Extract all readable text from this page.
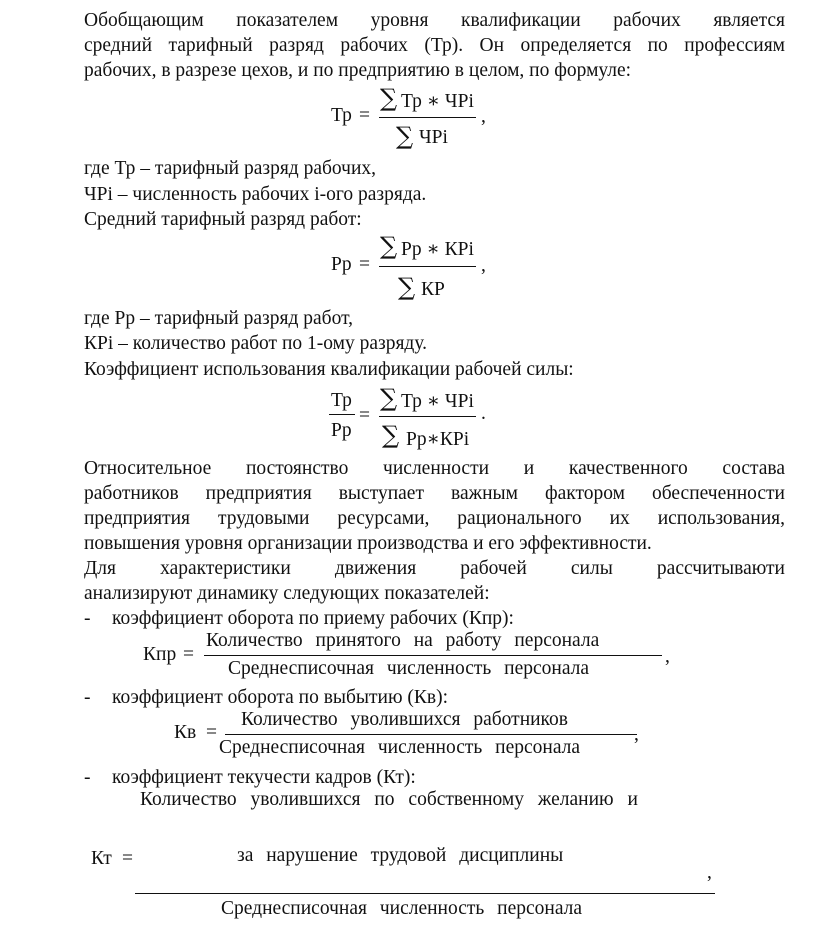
Обобщающим показателем уровня квалификации рабочих является
средний тарифный разряд рабочих (Тр). Он определяется по профессиям
рабочих, в разрезе цехов, и по предприятию в целом, по формуле:
Тр =
∑ Тр ∗ ЧРi
∑ ЧРi
,
где Тр – тарифный разряд рабочих,
ЧРi – численность рабочих i-ого разряда.
Средний тарифный разряд работ:
Рр =
∑ Рр ∗ КРi
∑ КР
,
где Рр – тарифный разряд работ,
КРi – количество работ по 1-ому разряду.
Коэффициент использования квалификации рабочей силы:
Тр
Рр
=
∑ Тр ∗ ЧРi
∑ Рр∗КРi
.
Относительное постоянство численности и качественного состава
работников предприятия выступает важным фактором обеспеченности
предприятия трудовыми ресурсами, рационального их использования,
повышения уровня организации производства и его эффективности.
Для характеристики движения рабочей силы рассчитываюти
анализируют динамику следующих показателей:
- коэффициент оборота по приему рабочих (Кпр):
Кпр =
Количество принятого на работу персонала
Среднесписочная численность персонала
,
- коэффициент оборота по выбытию (Кв):
Кв =
Количество уволившихся работников
Среднесписочная численность персонала
,
- коэффициент текучести кадров (Кт):
Количество уволившихся по собственному желанию и
за нарушение трудовой дисциплины
Кт =
,
Среднесписочная численность персонала
